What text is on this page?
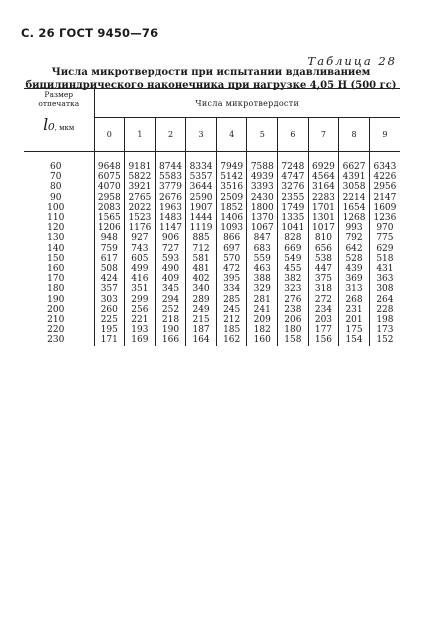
С. 26 ГОСТ 9450—76
Таблица 28
Числа микротвердости при испытании вдавливанием
бицилиндрического наконечника при нагрузке 4,05 Н (500 гс)
Размер
отпечатка
l₀, мкм	Числа микротвердости									
	0	1	2	3	4	5	6	7	8	9
60	9648	9181	8744	8334	7949	7588	7248	6929	6627	6343
70	6075	5822	5583	5357	5142	4939	4747	4564	4391	4226
80	4070	3921	3779	3644	3516	3393	3276	3164	3058	2956
90	2958	2765	2676	2590	2509	2430	2355	2283	2214	2147
100	2083	2022	1963	1907	1852	1800	1749	1701	1654	1609
110	1565	1523	1483	1444	1406	1370	1335	1301	1268	1236
120	1206	1176	1147	1119	1093	1067	1041	1017	993	970
130	948	927	906	885	866	847	828	810	792	775
140	759	743	727	712	697	683	669	656	642	629
150	617	605	593	581	570	559	549	538	528	518
160	508	499	490	481	472	463	455	447	439	431
170	424	416	409	402	395	388	382	375	369	363
180	357	351	345	340	334	329	323	318	313	308
190	303	299	294	289	285	281	276	272	268	264
200	260	256	252	249	245	241	238	234	231	228
210	225	221	218	215	212	209	206	203	201	198
220	195	193	190	187	185	182	180	177	175	173
230	171	169	166	164	162	160	158	156	154	152
